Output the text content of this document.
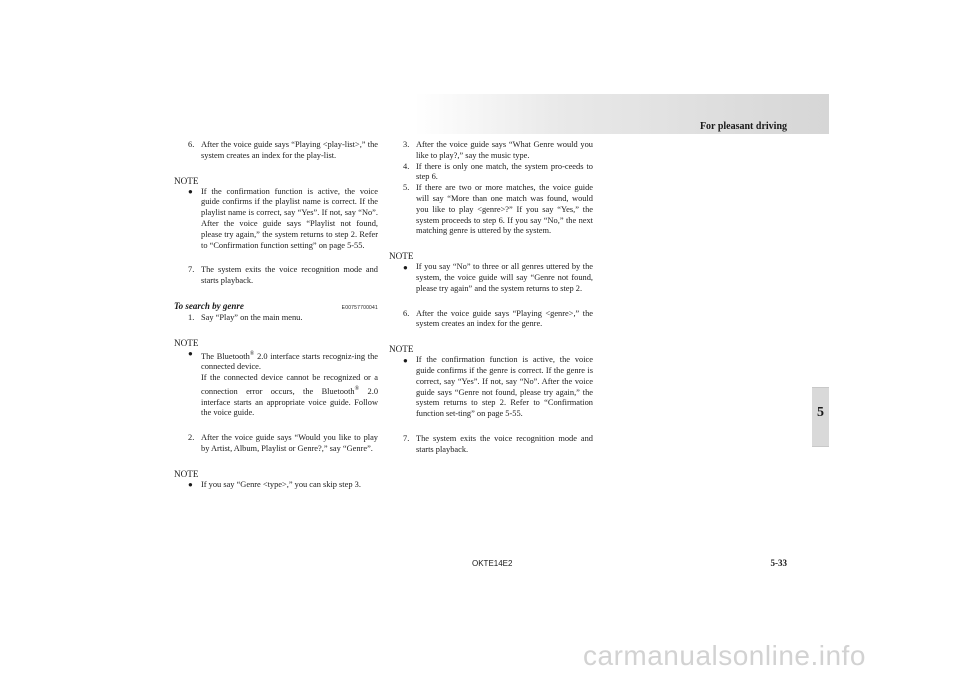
For pleasant driving
5

6. After the voice guide says “Playing <play-list>,” the system creates an index for the play-list.

NOTE

● If the confirmation function is active, the voice guide confirms if the playlist name is correct. If the playlist name is correct, say “Yes”. If not, say “No”. After the voice guide says “Playlist not found, please try again,” the system returns to step 2. Refer to “Confirmation function setting” on page 5-55.

7. The system exits the voice recognition mode and starts playback.

To search by genre	E00757700041

1. Say “Play” on the main menu.

NOTE

● The Bluetooth® 2.0 interface starts recogniz-ing the connected device.
If the connected device cannot be recognized or a connection error occurs, the Bluetooth® 2.0 interface starts an appropriate voice guide. Follow the voice guide.

2. After the voice guide says “Would you like to play by Artist, Album, Playlist or Genre?,” say “Genre”.

NOTE

● If you say “Genre <type>,” you can skip step 3.

3. After the voice guide says “What Genre would you like to play?,” say the music type.

4. If there is only one match, the system pro-ceeds to step 6.

5. If there are two or more matches, the voice guide will say “More than one match was found, would you like to play <genre>?” If you say “Yes,” the system proceeds to step 6. If you say “No,” the next matching genre is uttered by the system.

NOTE

● If you say “No” to three or all genres uttered by the system, the voice guide will say “Genre not found, please try again” and the system returns to step 2.

6. After the voice guide says “Playing <genre>,” the system creates an index for the genre.

NOTE

● If the confirmation function is active, the voice guide confirms if the genre is correct. If the genre is correct, say “Yes”. If not, say “No”. After the voice guide says “Genre not found, please try again,” the system returns to step 2. Refer to “Confirmation function set-ting” on page 5-55.

7. The system exits the voice recognition mode and starts playback.

OKTE14E2	5-33
carmanualsonline.info
